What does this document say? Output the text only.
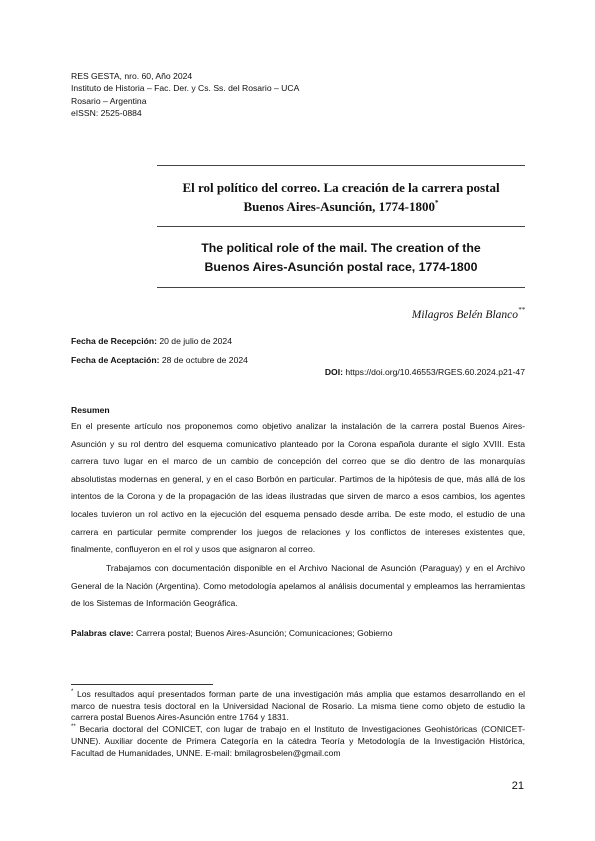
RES GESTA, nro. 60, Año 2024
Instituto de Historia – Fac. Der. y Cs. Ss. del Rosario – UCA
Rosario – Argentina
eISSN: 2525-0884
El rol político del correo. La creación de la carrera postal
Buenos Aires-Asunción, 1774-1800*
The political role of the mail. The creation of the
Buenos Aires-Asunción postal race, 1774-1800
Milagros Belén Blanco**
Fecha de Recepción: 20 de julio de 2024
Fecha de Aceptación: 28 de octubre de 2024
DOI: https://doi.org/10.46553/RGES.60.2024.p21-47
Resumen

En el presente artículo nos proponemos como objetivo analizar la instalación de la carrera postal Buenos Aires-Asunción y su rol dentro del esquema comunicativo planteado por la Corona española durante el siglo XVIII. Esta carrera tuvo lugar en el marco de un cambio de concepción del correo que se dio dentro de las monarquías absolutistas modernas en general, y en el caso Borbón en particular. Partimos de la hipótesis de que, más allá de los intentos de la Corona y de la propagación de las ideas ilustradas que sirven de marco a esos cambios, los agentes locales tuvieron un rol activo en la ejecución del esquema pensado desde arriba. De este modo, el estudio de una carrera en particular permite comprender los juegos de relaciones y los conflictos de intereses existentes que, finalmente, confluyeron en el rol y usos que asignaron al correo.

Trabajamos con documentación disponible en el Archivo Nacional de Asunción (Paraguay) y en el Archivo General de la Nación (Argentina). Como metodología apelamos al análisis documental y empleamos las herramientas de los Sistemas de Información Geográfica.

Palabras clave: Carrera postal; Buenos Aires-Asunción; Comunicaciones; Gobierno

* Los resultados aquí presentados forman parte de una investigación más amplia que estamos desarrollando en el marco de nuestra tesis doctoral en la Universidad Nacional de Rosario. La misma tiene como objeto de estudio la carrera postal Buenos Aires-Asunción entre 1764 y 1831.

** Becaria doctoral del CONICET, con lugar de trabajo en el Instituto de Investigaciones Geohistóricas (CONICET-UNNE). Auxiliar docente de Primera Categoría en la cátedra Teoría y Metodología de la Investigación Histórica, Facultad de Humanidades, UNNE. E-mail: bmilagrosbelen@gmail.com

21
